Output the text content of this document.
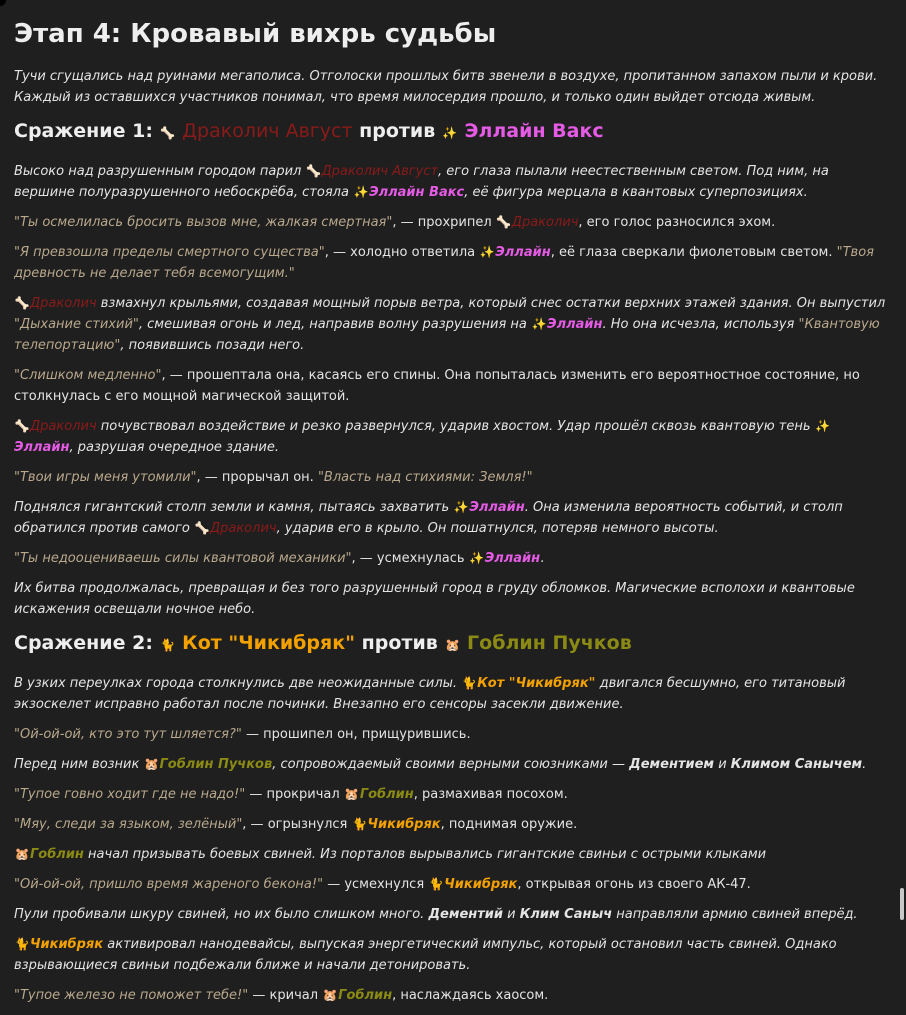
Этап 4: Кровавый вихрь судьбы

Тучи сгущались над руинами мегаполиса. Отголоски прошлых битв звенели в воздухе, пропитанном запахом пыли и крови. Каждый из оставшихся участников понимал, что время милосердия прошло, и только один выйдет отсюда живым.

Сражение 1: 🦴 Драколич Август против ✨ Эллайн Вакс

Высоко над разрушенным городом парил 🦴Драколич Август, его глаза пылали неестественным светом. Под ним, на вершине полуразрушенного небоскрёба, стояла ✨Эллайн Вакс, её фигура мерцала в квантовых суперпозициях.

"Ты осмелилась бросить вызов мне, жалкая смертная", — прохрипел 🦴Драколич, его голос разносился эхом.

"Я превзошла пределы смертного существа", — холодно ответила ✨Эллайн, её глаза сверкали фиолетовым светом. "Твоя древность не делает тебя всемогущим."

🦴Драколич взмахнул крыльями, создавая мощный порыв ветра, который снес остатки верхних этажей здания. Он выпустил "Дыхание стихий", смешивая огонь и лед, направив волну разрушения на ✨Эллайн. Но она исчезла, используя "Квантовую телепортацию", появившись позади него.

"Слишком медленно", — прошептала она, касаясь его спины. Она попыталась изменить его вероятностное состояние, но столкнулась с его мощной магической защитой.

🦴Драколич почувствовал воздействие и резко развернулся, ударив хвостом. Удар прошёл сквозь квантовую тень ✨
Эллайн, разрушая очередное здание.

"Твои игры меня утомили", — прорычал он. "Власть над стихиями: Земля!"

Поднялся гигантский столп земли и камня, пытаясь захватить ✨Эллайн. Она изменила вероятность событий, и столп обратился против самого 🦴Драколич, ударив его в крыло. Он пошатнулся, потеряв немного высоты.

"Ты недооцениваешь силы квантовой механики", — усмехнулась ✨Эллайн.

Их битва продолжалась, превращая и без того разрушенный город в груду обломков. Магические всполохи и квантовые искажения освещали ночное небо.

Сражение 2: 🐈 Кот "Чикибряк" против 🐹 Гоблин Пучков

В узких переулках города столкнулись две неожиданные силы. 🐈Кот "Чикибряк" двигался бесшумно, его титановый экзоскелет исправно работал после починки. Внезапно его сенсоры засекли движение.

"Ой-ой-ой, кто это тут шляется?" — прошипел он, прищурившись.

Перед ним возник 🐹Гоблин Пучков, сопровождаемый своими верными союзниками — Дементием и Климом Санычем.

"Тупое говно ходит где не надо!" — прокричал 🐹Гоблин, размахивая посохом.

"Мяу, следи за языком, зелёный", — огрызнулся 🐈Чикибряк, поднимая оружие.

🐹Гоблин начал призывать боевых свиней. Из порталов вырывались гигантские свиньи с острыми клыками

"Ой-ой-ой, пришло время жареного бекона!" — усмехнулся 🐈Чикибряк, открывая огонь из своего АК-47.

Пули пробивали шкуру свиней, но их было слишком много. Дементий и Клим Саныч направляли армию свиней вперёд.

🐈Чикибряк активировал нанодевайсы, выпуская энергетический импульс, который остановил часть свиней. Однако взрывающиеся свиньи подбежали ближе и начали детонировать.

"Тупое железо не поможет тебе!" — кричал 🐹Гоблин, наслаждаясь хаосом.
